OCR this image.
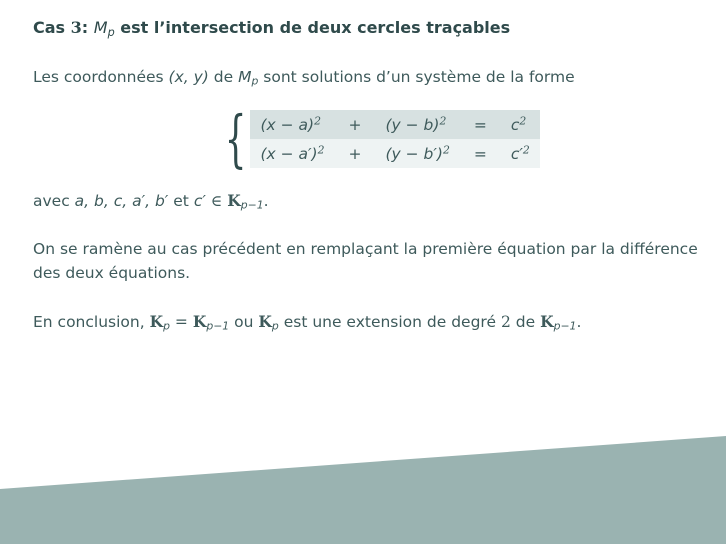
Cas 3: $M_p$ est l’intersection de deux cercles traçables
Les coordonnées (x, y) de $M_p$ sont solutions d’un système de la forme
{ $(x - a)^2$	+	$(y - b)^2$	=	$c^2$
$(x - a')^2$	+	$(y - b')^2$	=	$c'^2$
avec a, b, c, a′, b′ et c′ ∈ $K_{p-1}$.
On se ramène au cas précédent en remplaçant la première équation par la différence des deux équations.
En conclusion, $K_p = K_{p-1}$ ou $K_p$ est une extension de degré 2 de $K_{p-1}$.
